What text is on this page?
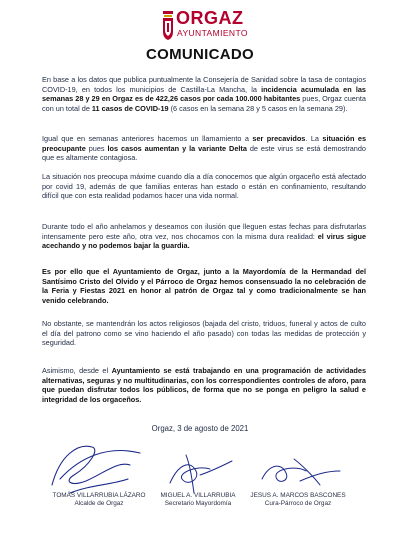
ORGAZ
AYUNTAMIENTO
COMUNICADO
En base a los datos que publica puntualmente la Consejería de Sanidad sobre la tasa de contagios COVID-19, en todos los municipios de Castilla-La Mancha, la incidencia acumulada en las semanas 28 y 29 en Orgaz es de 422,26 casos por cada 100.000 habitantes pues, Orgaz cuenta con un total de 11 casos de COVID-19 (6 casos en la semana 28 y 5 casos en la semana 29).
Igual que en semanas anteriores hacemos un llamamiento a ser precavidos. La situación es preocupante pues los casos aumentan y la variante Delta de este virus se está demostrando que es altamente contagiosa.
La situación nos preocupa máxime cuando día a día conocemos que algún orgaceño está afectado por covid 19, además de que familias enteras han estado o están en confinamiento, resultando difícil que con esta realidad podamos hacer una vida normal.
Durante todo el año anhelamos y deseamos con ilusión que lleguen estas fechas para disfrutarlas intensamente pero este año, otra vez, nos chocamos con la misma dura realidad: el virus sigue acechando y no podemos bajar la guardia.
Es por ello que el Ayuntamiento de Orgaz, junto a la Mayordomía de la Hermandad del Santísimo Cristo del Olvido y el Párroco de Orgaz hemos consensuado la no celebración de la Feria y Fiestas 2021 en honor al patrón de Orgaz tal y como tradicionalmente se han venido celebrando.
No obstante, se mantendrán los actos religiosos (bajada del cristo, triduos, funeral y actos de culto el día del patrono como se vino haciendo el año pasado) con todas las medidas de protección y seguridad.
Asimismo, desde el Ayuntamiento se está trabajando en una programación de actividades alternativas, seguras y no multitudinarias, con los correspondientes controles de aforo, para que puedan disfrutar todos los públicos, de forma que no se ponga en peligro la salud e integridad de los orgaceños.
Orgaz, 3 de agosto de 2021
TOMÁS VILLARRUBIA LÁZARO
Alcalde de Orgaz
MIGUEL A. VILLARRUBIA
Secretario Mayordomía
JESUS A. MARCOS BASCONES
Cura-Párroco de Orgaz
